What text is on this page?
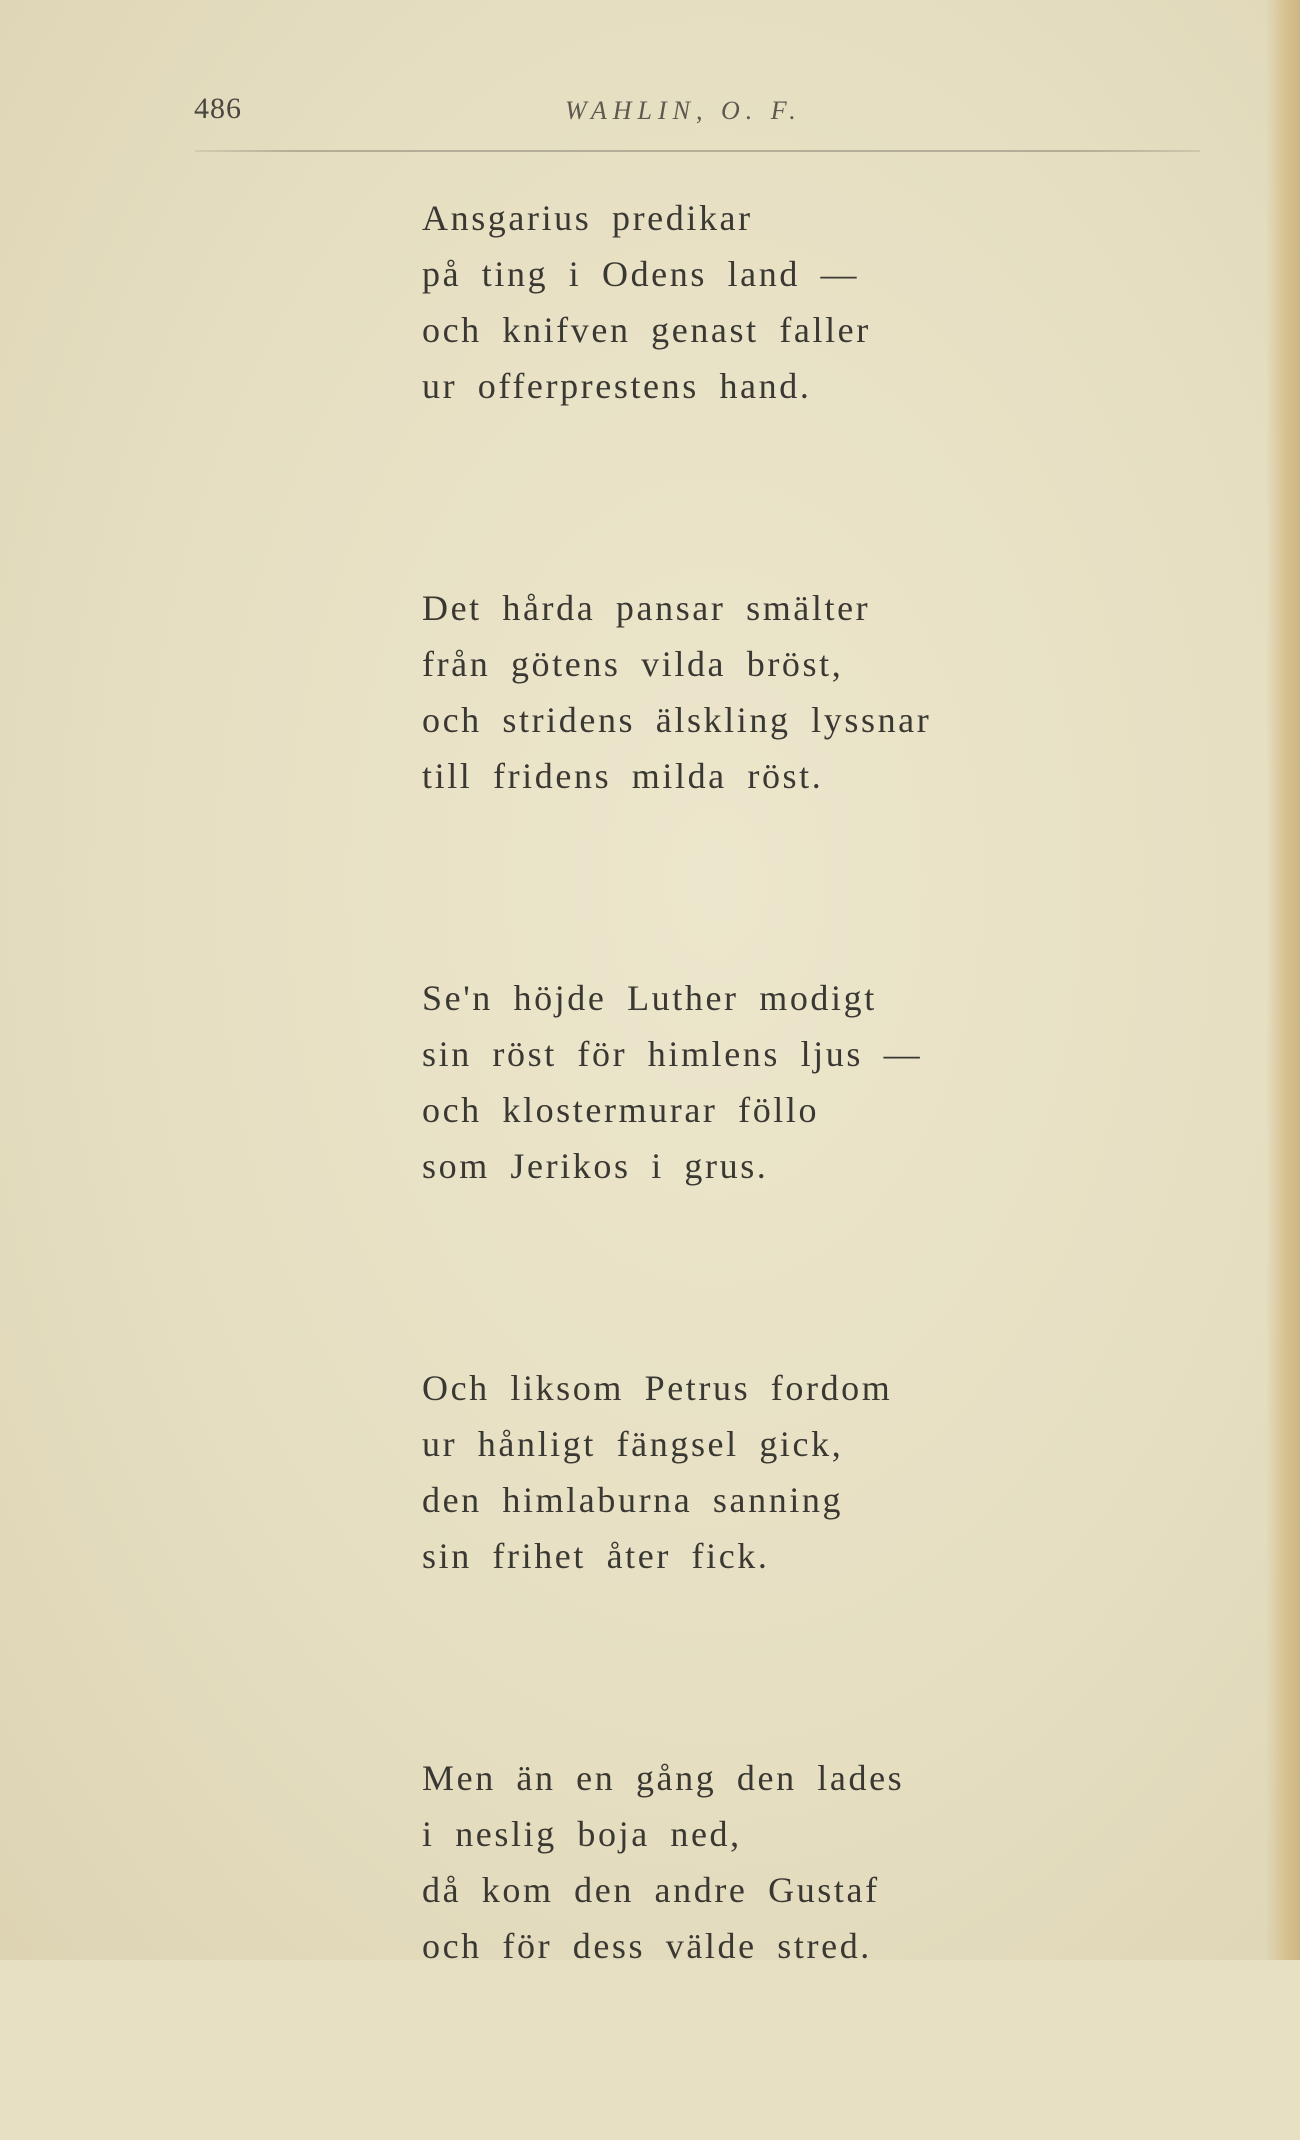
486	WAHLIN, O. F.
Ansgarius predikar
på ting i Odens land —
och knifven genast faller
ur offerprestens hand.
Det hårda pansar smälter
från götens vilda bröst,
och stridens älskling lyssnar
till fridens milda röst.
Se'n höjde Luther modigt
sin röst för himlens ljus —
och klostermurar föllo
som Jerikos i grus.
Och liksom Petrus fordom
ur hånligt fängsel gick,
den himlaburna sanning
sin frihet åter fick.
Men än en gång den lades
i neslig boja ned,
då kom den andre Gustaf
och för dess välde stred.
